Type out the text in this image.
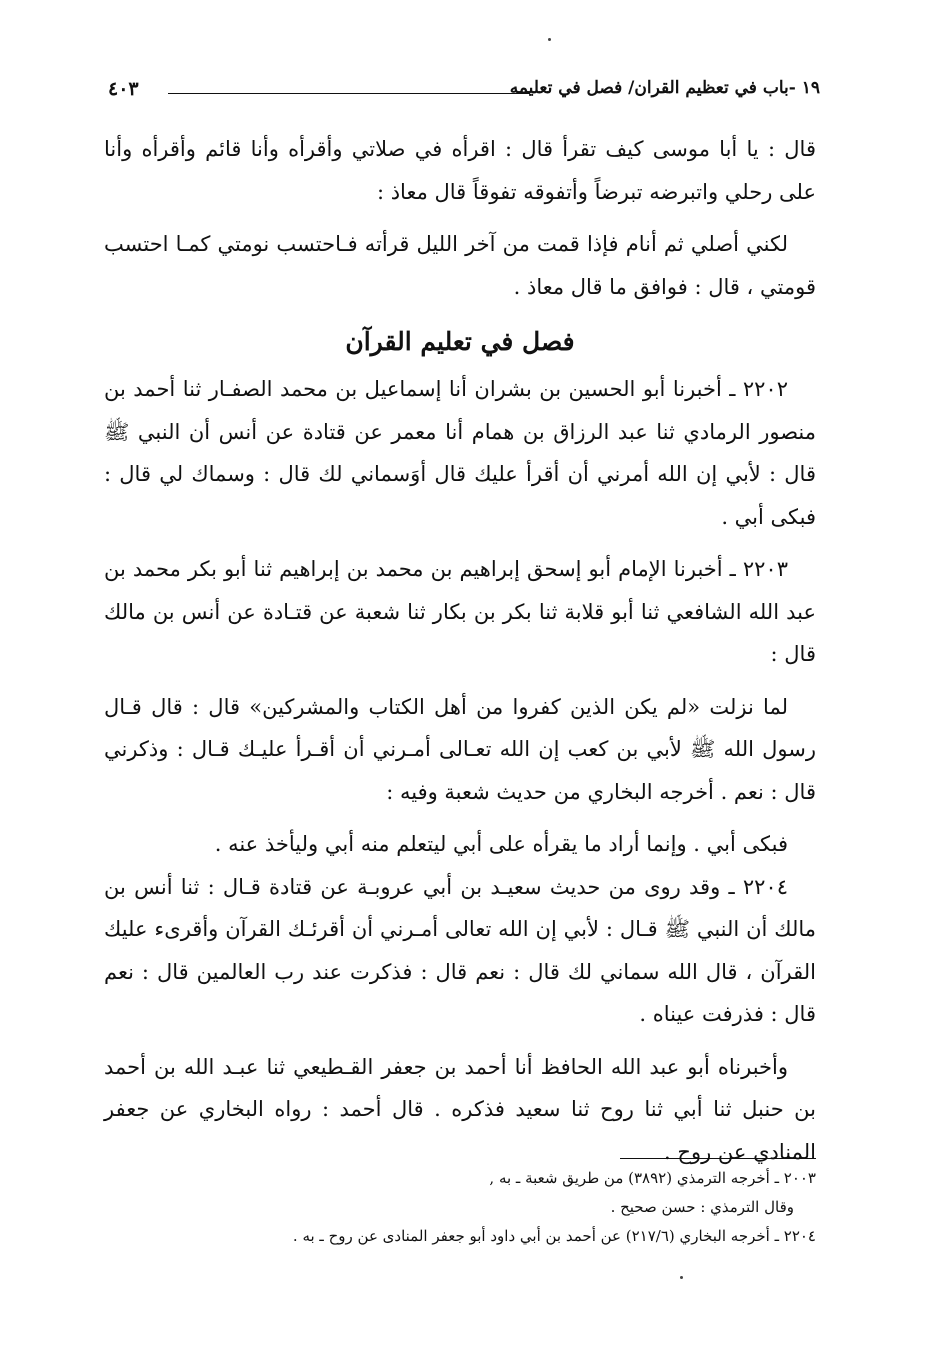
١٩ -باب في تعظيم القران/ فصل في تعليمه
٤٠٣

قال : يا أبا موسى كيف تقرأ قال : اقرأه في صلاتي وأقرأه وأنا قائم وأقرأه وأنا على رحلي واتبرضه تبرضاً وأتفوقه تفوقاً قال معاذ :

لكني أصلي ثم أنام فإذا قمت من آخر الليل قرأته فـاحتسب نومتي كمـا احتسب قومتي ، قال : فوافق ما قال معاذ .

فصل في تعليم القرآن

٢٢٠٢ ـ أخبرنا أبو الحسين بن بشران أنا إسماعيل بن محمد الصفـار ثنا أحمد بن منصور الرمادي ثنا عبد الرزاق بن همام أنا معمر عن قتادة عن أنس أن النبي ﷺ قال : لأبي إن الله أمرني أن أقرأ عليك قال أوَسماني لك قال : وسماك لي قال : فبكى أبي .

٢٢٠٣ ـ أخبرنا الإمام أبو إسحق إبراهيم بن محمد بن إبراهيم ثنا أبو بكر محمد بن عبد الله الشافعي ثنا أبو قلابة ثنا بكر بن بكار ثنا شعبة عن قتـادة عن أنس بن مالك قال :

لما نزلت «لم يكن الذين كفروا من أهل الكتاب والمشركين» قال : قال قـال رسول الله ﷺ لأبي بن كعب إن الله تعـالى أمـرني أن أقـرأ عليـك قـال : وذكرني قال : نعم . أخرجه البخاري من حديث شعبة وفيه :

فبكى أبي . وإنما أراد ما يقرأه على أبي ليتعلم منه أبي وليأخذ عنه .

٢٢٠٤ ـ وقد روى من حديث سعيـد بن أبي عروبـة عن قتادة قـال : ثنا أنس بن مالك أن النبي ﷺ قـال : لأبي إن الله تعالى أمـرني أن أقرئـك القرآن وأقرىء عليك القرآن ، قال الله سماني لك قال : نعم قال : فذكرت عند رب العالمين قال : نعم قال : فذرفت عيناه .

وأخبرناه أبو عبد الله الحافظ أنا أحمد بن جعفر القـطيعي ثنا عبـد الله بن أحمد بن حنبل ثنا أبي ثنا روح ثنا سعيد فذكره . قال أحمد : رواه البخاري عن جعفر المنادي عن روح .

٢٠٠٣ ـ أخرجه الترمذي (٣٨٩٢) من طريق شعبة ـ به ,

وقال الترمذي : حسن صحيح .

٢٢٠٤ ـ أخرجه البخاري (٢١٧/٦) عن أحمد بن أبي داود أبو جعفر المنادى عن روح ـ به .
